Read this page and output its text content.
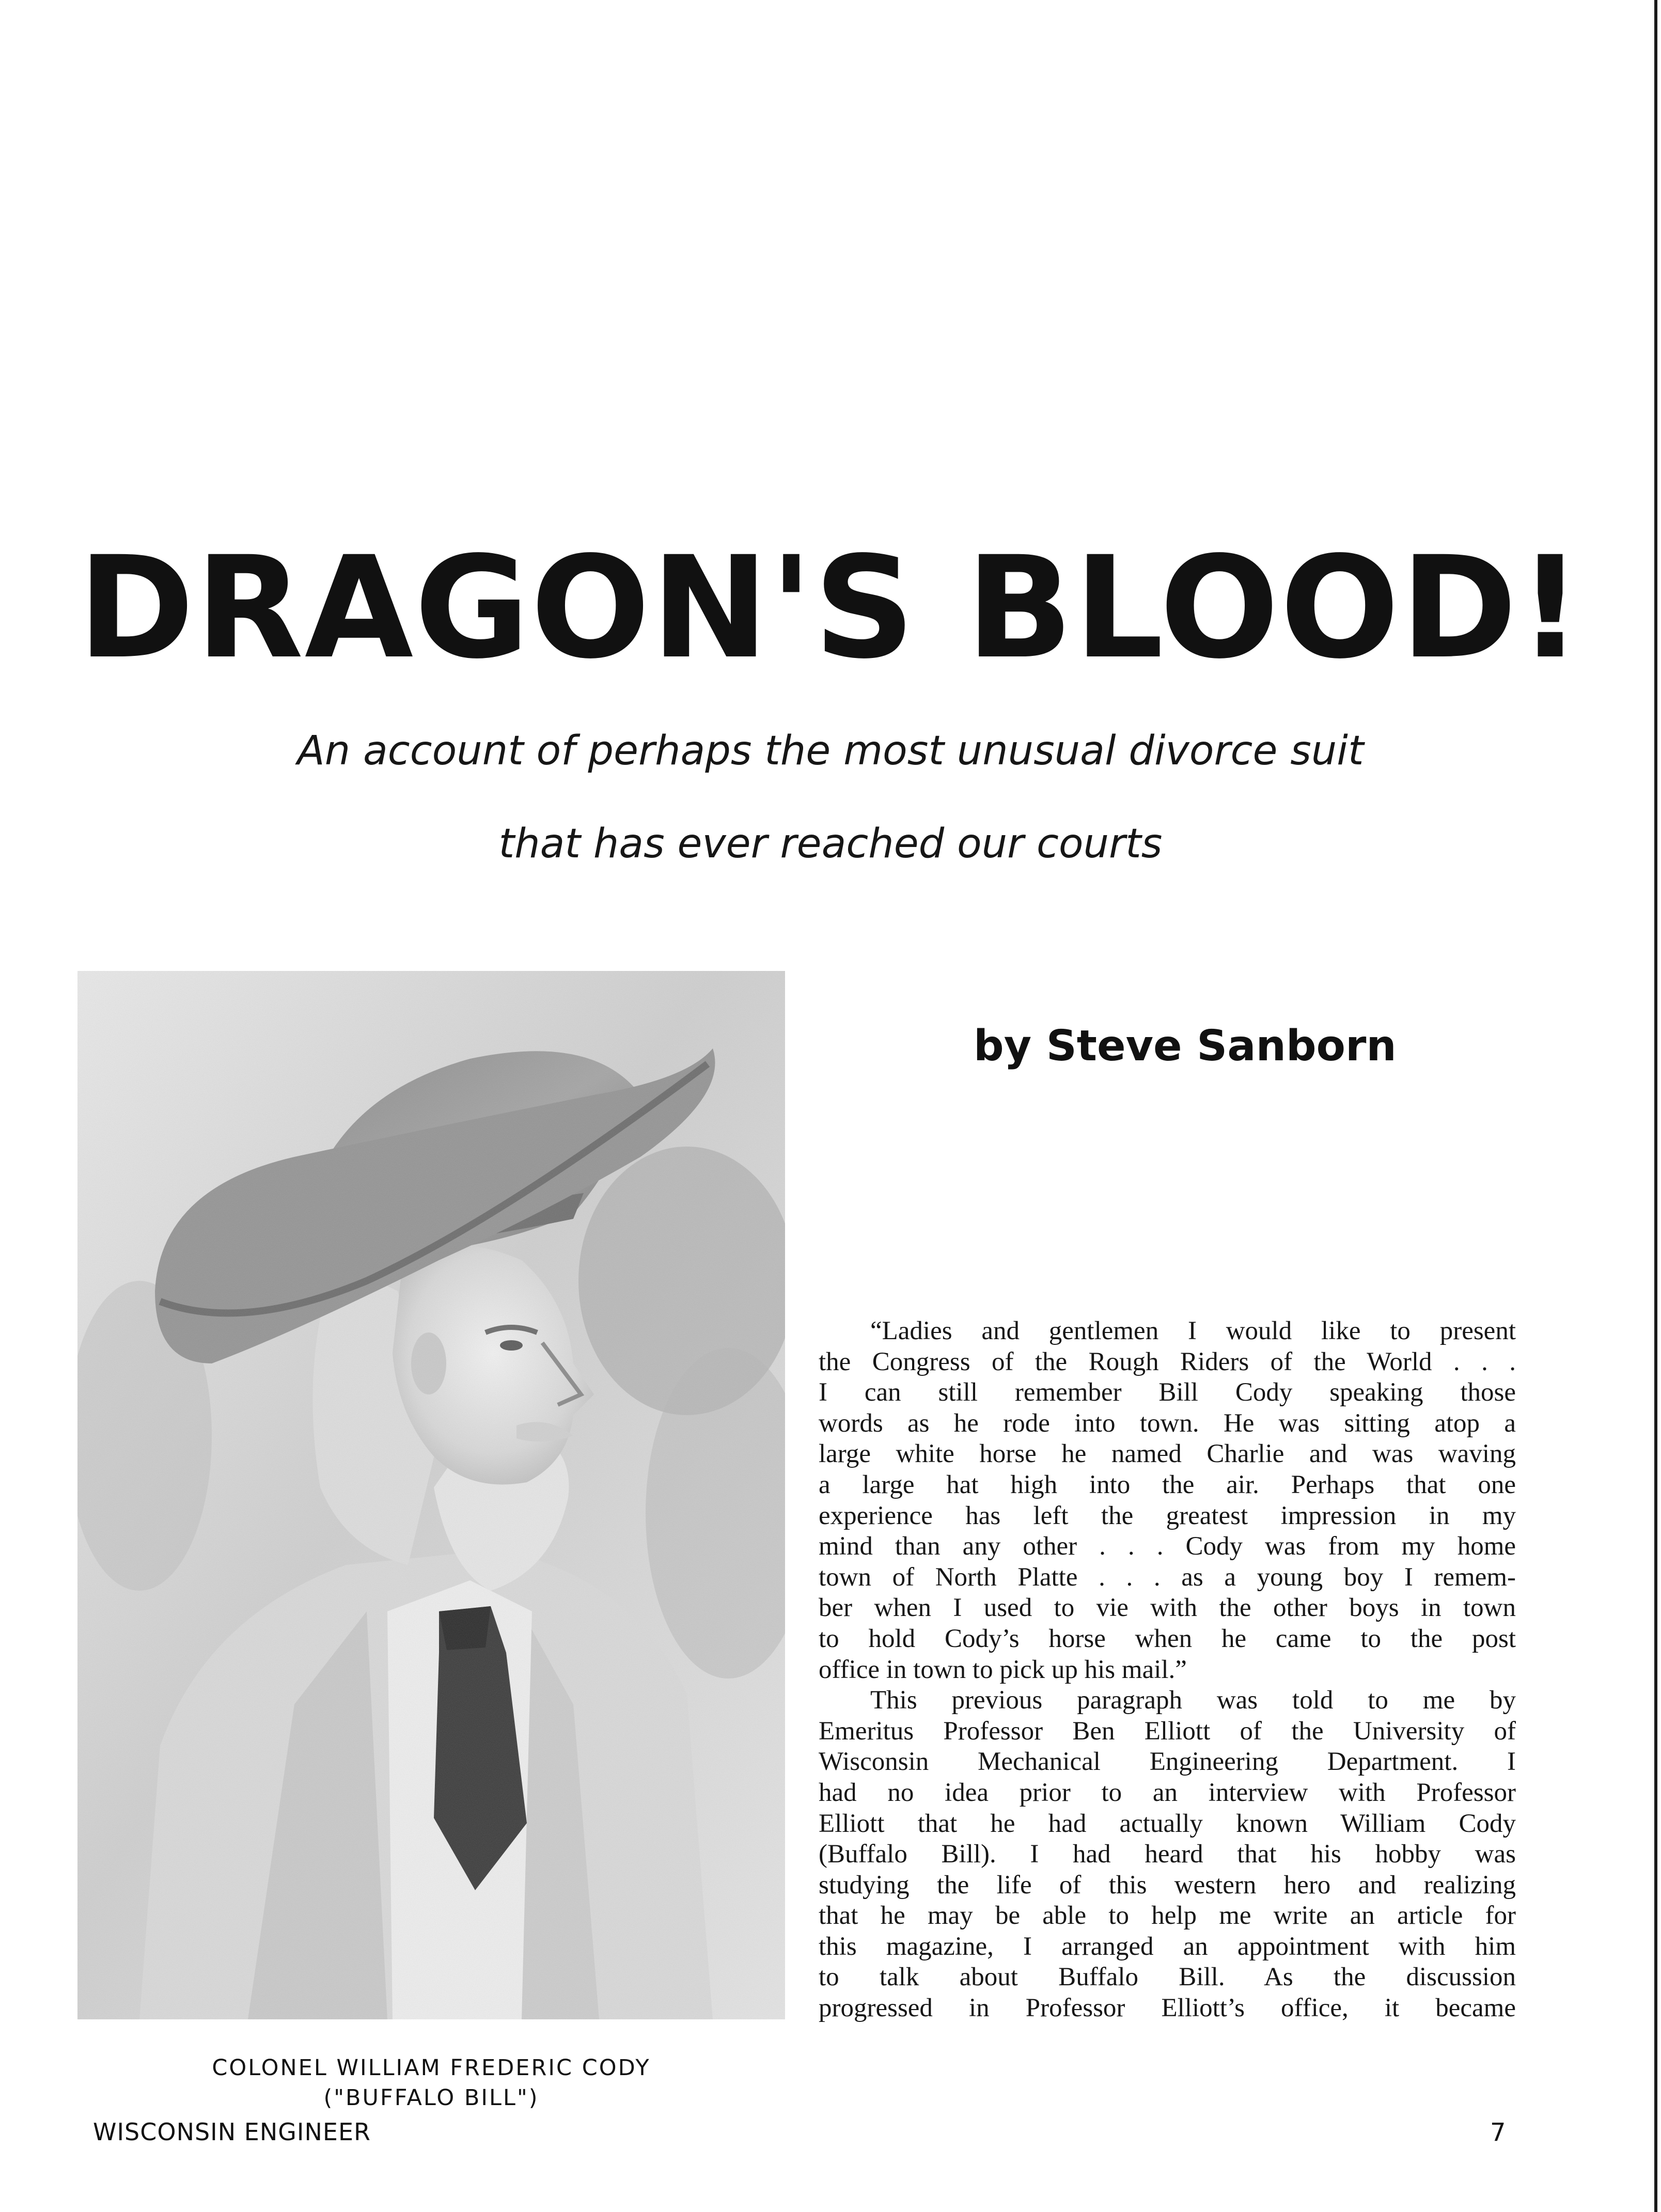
DRAGON'S BLOOD!
An account of perhaps the most unusual divorce suit
that has ever reached our courts
by Steve Sanborn
COLONEL WILLIAM FREDERIC CODY
("BUFFALO BILL")
“Ladies and gentlemen I would like to present
the Congress of the Rough Riders of the World . . .
I can still remember Bill Cody speaking those
words as he rode into town. He was sitting atop a
large white horse he named Charlie and was waving
a large hat high into the air. Perhaps that one
experience has left the greatest impression in my
mind than any other . . . Cody was from my home
town of North Platte . . . as a young boy I remem-
ber when I used to vie with the other boys in town
to hold Cody’s horse when he came to the post
office in town to pick up his mail.”
This previous paragraph was told to me by
Emeritus Professor Ben Elliott of the University of
Wisconsin Mechanical Engineering Department. I
had no idea prior to an interview with Professor
Elliott that he had actually known William Cody
(Buffalo Bill). I had heard that his hobby was
studying the life of this western hero and realizing
that he may be able to help me write an article for
this magazine, I arranged an appointment with him
to talk about Buffalo Bill. As the discussion
progressed in Professor Elliott’s office, it became
WISCONSIN ENGINEER	7
